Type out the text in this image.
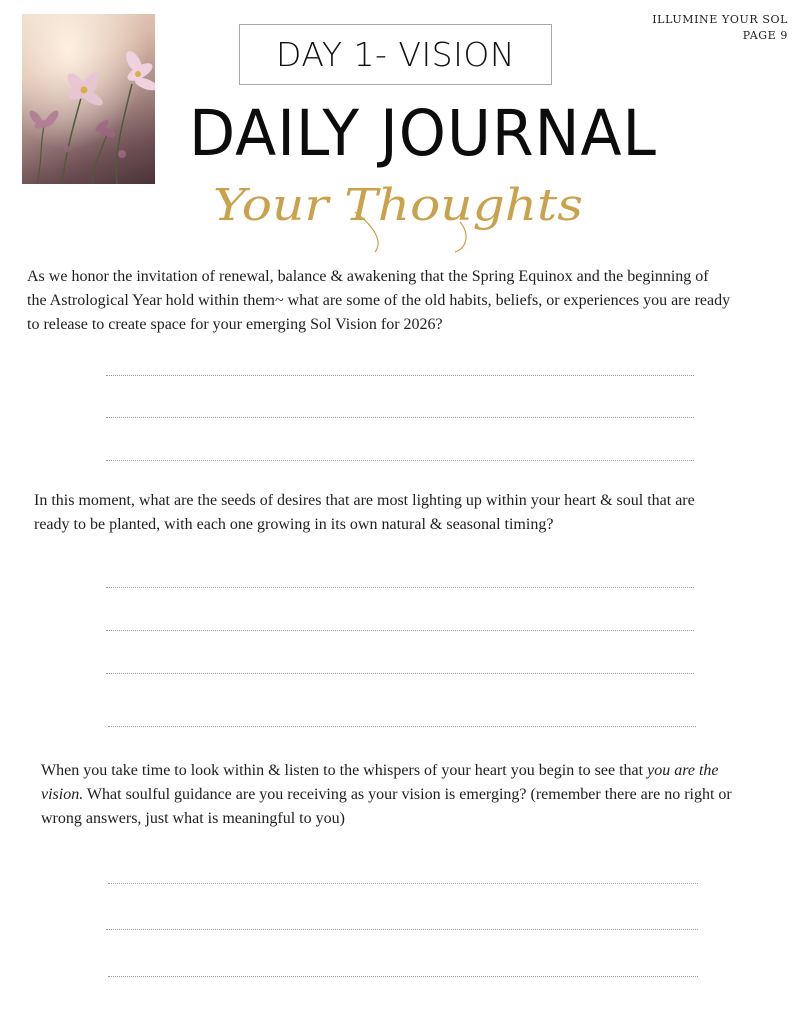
ILLUMINE YOUR SOL
PAGE 9
DAY 1- VISION
DAILY JOURNAL
Your Thoughts
As we honor the invitation of renewal, balance & awakening that the Spring Equinox and the beginning of the Astrological Year hold within them~ what are some of the old habits, beliefs, or experiences you are ready to release to create space for your emerging Sol Vision for 2026?
In this moment, what are the seeds of desires that are most lighting up within your heart & soul that are ready to be planted, with each one growing in its own natural & seasonal timing?
When you take time to look within & listen to the whispers of your heart you begin to see that you are the vision. What soulful guidance are you receiving as your vision is emerging? (remember there are no right or wrong answers, just what is meaningful to you)
